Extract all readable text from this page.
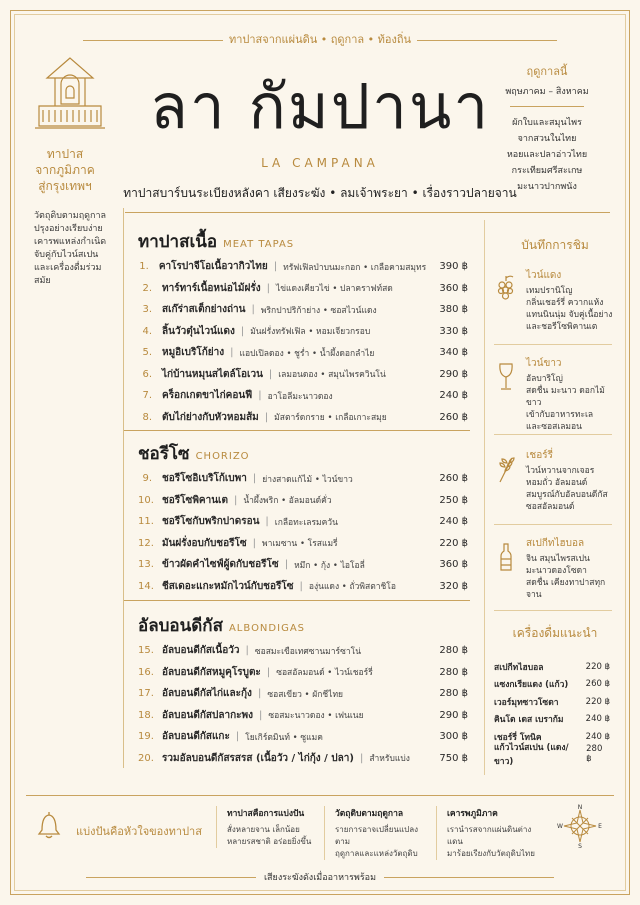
ทาปาสจากแผ่นดิน • ฤดูกาล • ท้องถิ่น
ลา กัมปานา
LA CAMPANA
ทาปาสบาร์บนระเบียงหลังคา เสียงระฆัง • ลมเจ้าพระยา • เรื่องราวปลายจาน
ทาปาส
จากภูมิภาค
สู่กรุงเทพฯ
วัตถุดิบตามฤดูกาล
ปรุงอย่างเรียบง่าย
เคารพแหล่งกำเนิด
จับคู่กับไวน์สเปน
และเครื่องดื่มร่วมสมัย
ฤดูกาลนี้
พฤษภาคม – สิงหาคม
ผักใบและสมุนไพร
จากสวนในไทย
หอยและปลาอ่าวไทย
กระเทียมศรีสะเกษ
มะนาวปากพนัง
ทาปาสเนื้อ MEAT TAPAS
1. คาโรปาจีโอเนื้อวากิวไทย | ทรัฟเฟิลป่าบนมะกอก • เกลือคามสมุทร	390 ฿
2. ทาร์ทาร์เนื้อหน่อไม้ฝรั่ง | ไข่แดงเคียวไข่ • ปลาคราฟท์สด	360 ฿
3. สเก๊ร่าสเต็กย่างถ่าน | พริกปาปริก้าย่าง • ซอสไวน์แดง	380 ฿
4. ลิ้นวัวตุ๋นไวน์แดง | มันฝรั่งทรัฟเฟิล • หอมเจียวกรอบ	330 ฿
5. หมูอิเบริโก้ย่าง | แอปเปิลดอง • ชูร่ำ • น้ำผึ้งดอกลำไย	340 ฿
6. ไก่บ้านหมุนสไตล์โอเวน | เลมอนดอง • สมุนไพรควินโน่	290 ฿
7. คร็อกเกตขาไก่คอนฟี | อาโอลีมะนาวดอง	240 ฿
8. ตับไก่ย่างกับหัวหอมส้ม | มัสตาร์ดกราย • เกลือเกาะสมุย	260 ฿
ชอรีโซ CHORIZO
9. ชอรีโซอิเบริโก้เบพา | ย่างสาดแก้ไม้ • ไวน์ขาว	260 ฿
10. ชอรีโซพิคานเต | น้ำผึ้งพริก • อัลมอนด์คั่ว	250 ฿
11. ชอรีโซกับพริกปาดรอน | เกลือทะเลรมควัน	240 ฿
12. มันฝรั่งอบกับชอรีโซ | พาเมซาน • โรสแมรี่	220 ฿
13. ข้าวผัดคำไซฟ์ผู้ดกับชอรีโซ | หมึก • กุ้ง • ไอโอลี่	360 ฿
14. ชีสเดอะแกะหมักไวน์กับชอรีโซ | องุ่นแดง • ถั่วพิสตาชิโอ	320 ฿
อัลบอนดีกัส ALBONDIGAS
15. อัลบอนดีกัสเนื้อวัว | ซอสมะเขือเทศซานมาร์ซาโน่	280 ฿
16. อัลบอนดีกัสหมูคุโรบูตะ | ซอสอัลมอนด์ • ไวน์เชอร์รี่	280 ฿
17. อัลบอนดีกัสไก่และกุ้ง | ซอสเขียว • ผักชีไทย	280 ฿
18. อัลบอนดีกัสปลากะพง | ซอสมะนาวดอง • เฟนเนย	290 ฿
19. อัลบอนดีกัสแกะ | โยเกิร์ตมินท์ • ซูแมค	300 ฿
20. รวมอัลบอนดีกัสรสรส (เนื้อวัว / ไก่กุ้ง / ปลา) | สำหรับแบ่ง	750 ฿
บันทึกการชิม
ไวน์แดง
เทมปรานิโญ
กลิ่นเชอร์รี่ ควากแห้ง
แทนนินนุ่ม จับคู่เนื้อย่าง
และชอรีโซพิคานเต
ไวน์ขาว
อัลบาริโญ่
สดชื่น มะนาว ดอกไม้ขาว
เข้ากับอาหารทะเล
และซอสเลมอน
เชอร์รี่
ไวน์หวานจากเจอร
หอมถั่ว อัลมอนด์
สมบูรณ์กับอัลบอนดีกัส
ซอสอัลมอนด์
สเปกีทไฮบอล
จิน สมุนไพรสเปน
มะนาวดองโซดา
สดชื่น เคียงทาปาสทุกจาน
เครื่องดื่มแนะนำ
สเปกีทไฮบอล	220 ฿
แซงกเรียแดง (แก้ว) 260 ฿
เวอร์มุทซาวโซดา	220 ฿
คินโต เดส เบราก้ม	240 ฿
เชอร์รี่ โทนิค	240 ฿
แก้วไวน์สเปน (แดง/ขาว)
280 ฿
แบ่งปันคือหัวใจของทาปาส
ทาปาสคือการแบ่งปัน
สั่งหลายจาน เล็กน้อย
หลายรสชาติ อร่อยยิ่งขึ้น
วัตถุดิบตามฤดูกาล
รายการอาจเปลี่ยนแปลงตาม
ฤดูกาลและแหล่งวัตถุดิบ
เคารพภูมิภาค
เรานำรสจากแผ่นดินต่างแดน
มาร้อยเรียงกับวัตถุดิบไทย
N
E
S
W
เสียงระฆังดังเมื่ออาหารพร้อม
